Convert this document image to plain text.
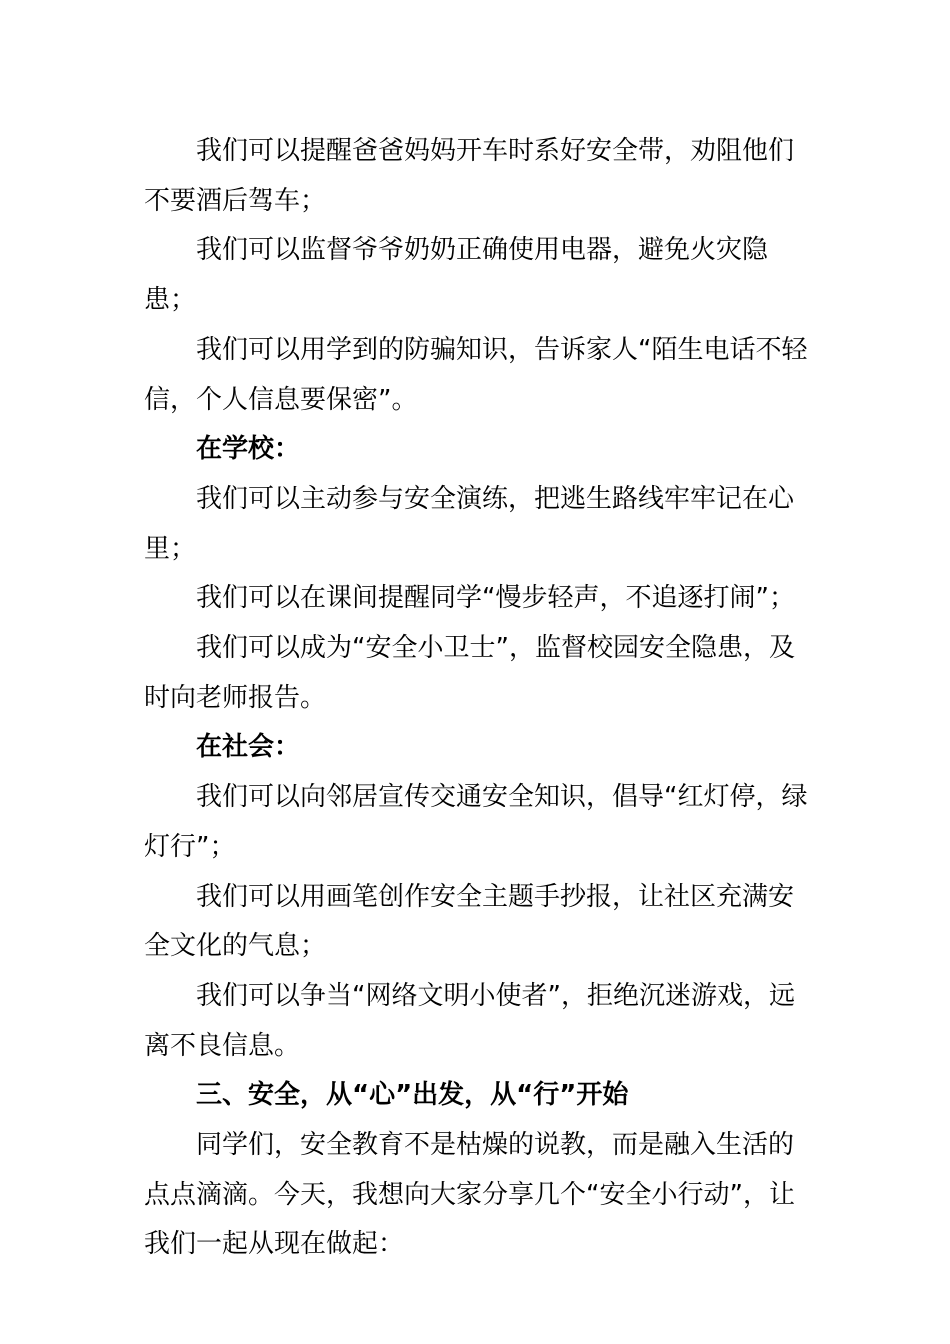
我们可以提醒爸爸妈妈开车时系好安全带，劝阻他们不要酒后驾车；

我们可以监督爷爷奶奶正确使用电器，避免火灾隐患；

我们可以用学到的防骗知识，告诉家人“陌生电话不轻信，个人信息要保密”。

在学校：

我们可以主动参与安全演练，把逃生路线牢牢记在心里；

我们可以在课间提醒同学“慢步轻声，不追逐打闹”；

我们可以成为“安全小卫士”，监督校园安全隐患，及时向老师报告。

在社会：

我们可以向邻居宣传交通安全知识，倡导“红灯停，绿灯行”；

我们可以用画笔创作安全主题手抄报，让社区充满安全文化的气息；

我们可以争当“网络文明小使者”，拒绝沉迷游戏，远离不良信息。

三、安全，从“心”出发，从“行”开始

同学们，安全教育不是枯燥的说教，而是融入生活的点点滴滴。今天，我想向大家分享几个“安全小行动”，让我们一起从现在做起：
